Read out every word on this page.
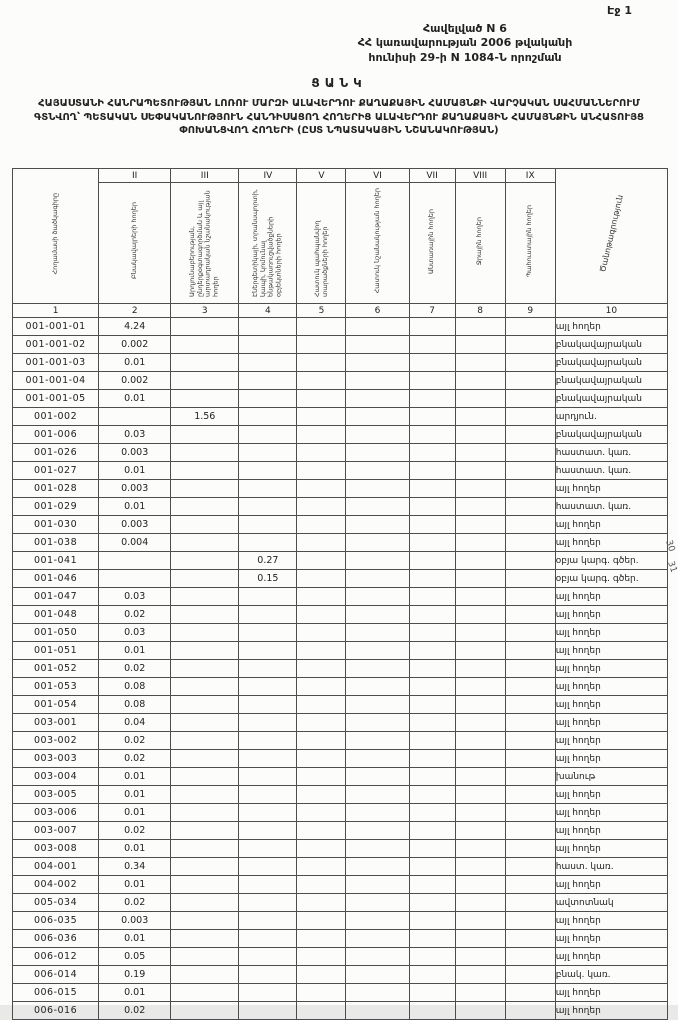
Էջ 1
Հավելված N 6
ՀՀ կառավարության 2006 թվականի
հունիսի 29-ի N 1084-Ն որոշման
ՑԱՆԿ
ՀԱՅԱՍՏԱՆԻ ՀԱՆՐԱՊԵՏՈՒԹՅԱՆ ԼՈՌՈՒ ՄԱՐԶԻ ԱԼԱՎԵՐԴՈՒ ՔԱՂԱՔԱՅԻՆ ՀԱՄԱՅՆՔԻ ՎԱՐՉԱԿԱՆ ՍԱՀՄԱՆՆԵՐՈՒՄ ԳՏՆՎՈՂ՝ ՊԵՏԱԿԱՆ ՍԵՓԱԿԱՆՈՒԹՅՈՒՆ ՀԱՆԴԻՍԱՑՈՂ ՀՈՂԵՐԻՑ ԱԼԱՎԵՐԴՈՒ ՔԱՂԱՔԱՅԻՆ ՀԱՄԱՅՆՔԻՆ ԱՆՀԱՏՈՒՅՑ ՓՈԽԱՆՑՎՈՂ ՀՈՂԵՐԻ (ԸՍՏ ՆՊԱՏԱԿԱՅԻՆ ՆՇԱՆԱԿՈՒԹՅԱՆ)
Հողամասի ծածկագիրը	II	III	IV	V	VI	VII	VIII	IX	Ծանոթագրություն
	Բնակավայրերի հողեր	Արդյունաբերության, ընդերքօգտագործման և այլ արտադրական նշանակության հողեր	Էներգետիկայի, տրանսպորտի, կապի, կոմունալ ենթակառուցվածքների օբյեկտների հողեր	Հատուկ պահպանվող տարածքների հողեր	Հատուկ նշանակության հողեր	Անտառային հողեր	Ջրային հողեր	Պահուստային հողեր	
1	2	3	4	5	6	7	8	9	10
001-001-01	4.24								այլ հողեր
001-001-02	0.002								բնակավայրական
001-001-03	0.01								բնակավայրական
001-001-04	0.002								բնակավայրական
001-001-05	0.01								բնակավայրական
001-002		1.56							արդյուն.
001-006	0.03								բնակավայրական
001-026	0.003								հաստատ. կառ.
001-027	0.01								հաստատ. կառ.
001-028	0.003								այլ հողեր
001-029	0.01								հաստատ. կառ.
001-030	0.003								այլ հողեր
001-038	0.004								այլ հողեր
001-041			0.27						օբյա կարգ. գծեր.
001-046			0.15						օբյա կարգ. գծեր.
001-047	0.03								այլ հողեր
001-048	0.02								այլ հողեր
001-050	0.03								այլ հողեր
001-051	0.01								այլ հողեր
001-052	0.02								այլ հողեր
001-053	0.08								այլ հողեր
001-054	0.08								այլ հողեր
003-001	0.04								այլ հողեր
003-002	0.02								այլ հողեր
003-003	0.02								այլ հողեր
003-004	0.01								խանութ
003-005	0.01								այլ հողեր
003-006	0.01								այլ հողեր
003-007	0.02								այլ հողեր
003-008	0.01								այլ հողեր
004-001	0.34								հաստ. կառ.
004-002	0.01								այլ հողեր
005-034	0.02								ավտոտնակ
006-035	0.003								այլ հողեր
006-036	0.01								այլ հողեր
006-012	0.05								այլ հողեր
006-014	0.19								բնակ. կառ.
006-015	0.01								այլ հողեր
006-016	0.02								այլ հողեր
30
31
